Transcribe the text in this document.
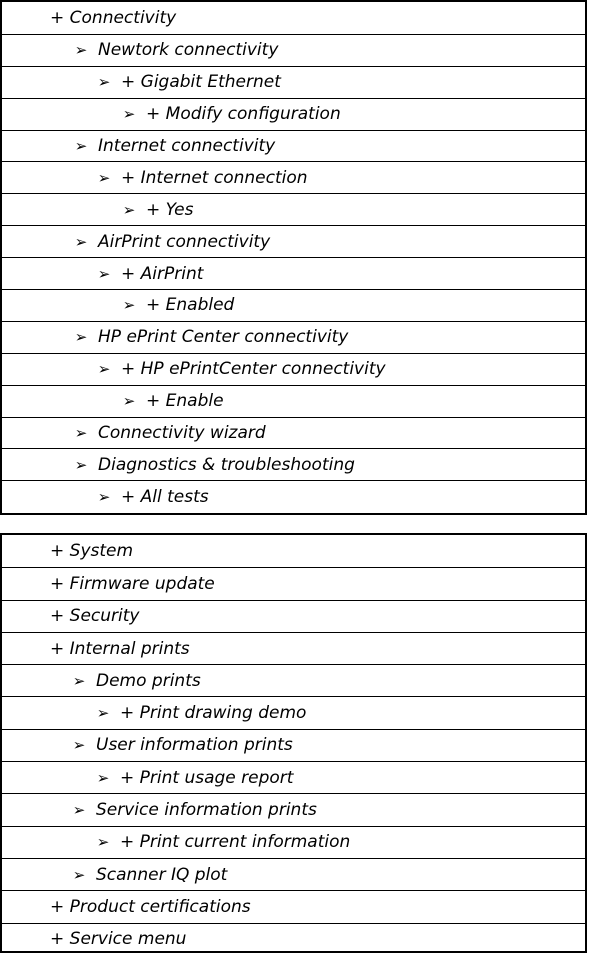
+ Connectivity
➢ Newtork connectivity
➢ + Gigabit Ethernet
➢ + Modify configuration
➢ Internet connectivity
➢ + Internet connection
➢ + Yes
➢ AirPrint connectivity
➢ + AirPrint
➢ + Enabled
➢ HP ePrint Center connectivity
➢ + HP ePrintCenter connectivity
➢ + Enable
➢ Connectivity wizard
➢ Diagnostics & troubleshooting
➢ + All tests
+ System
+ Firmware update
+ Security
+ Internal prints
➢ Demo prints
➢ + Print drawing demo
➢ User information prints
➢ + Print usage report
➢ Service information prints
➢ + Print current information
➢ Scanner IQ plot
+ Product certifications
+ Service menu
